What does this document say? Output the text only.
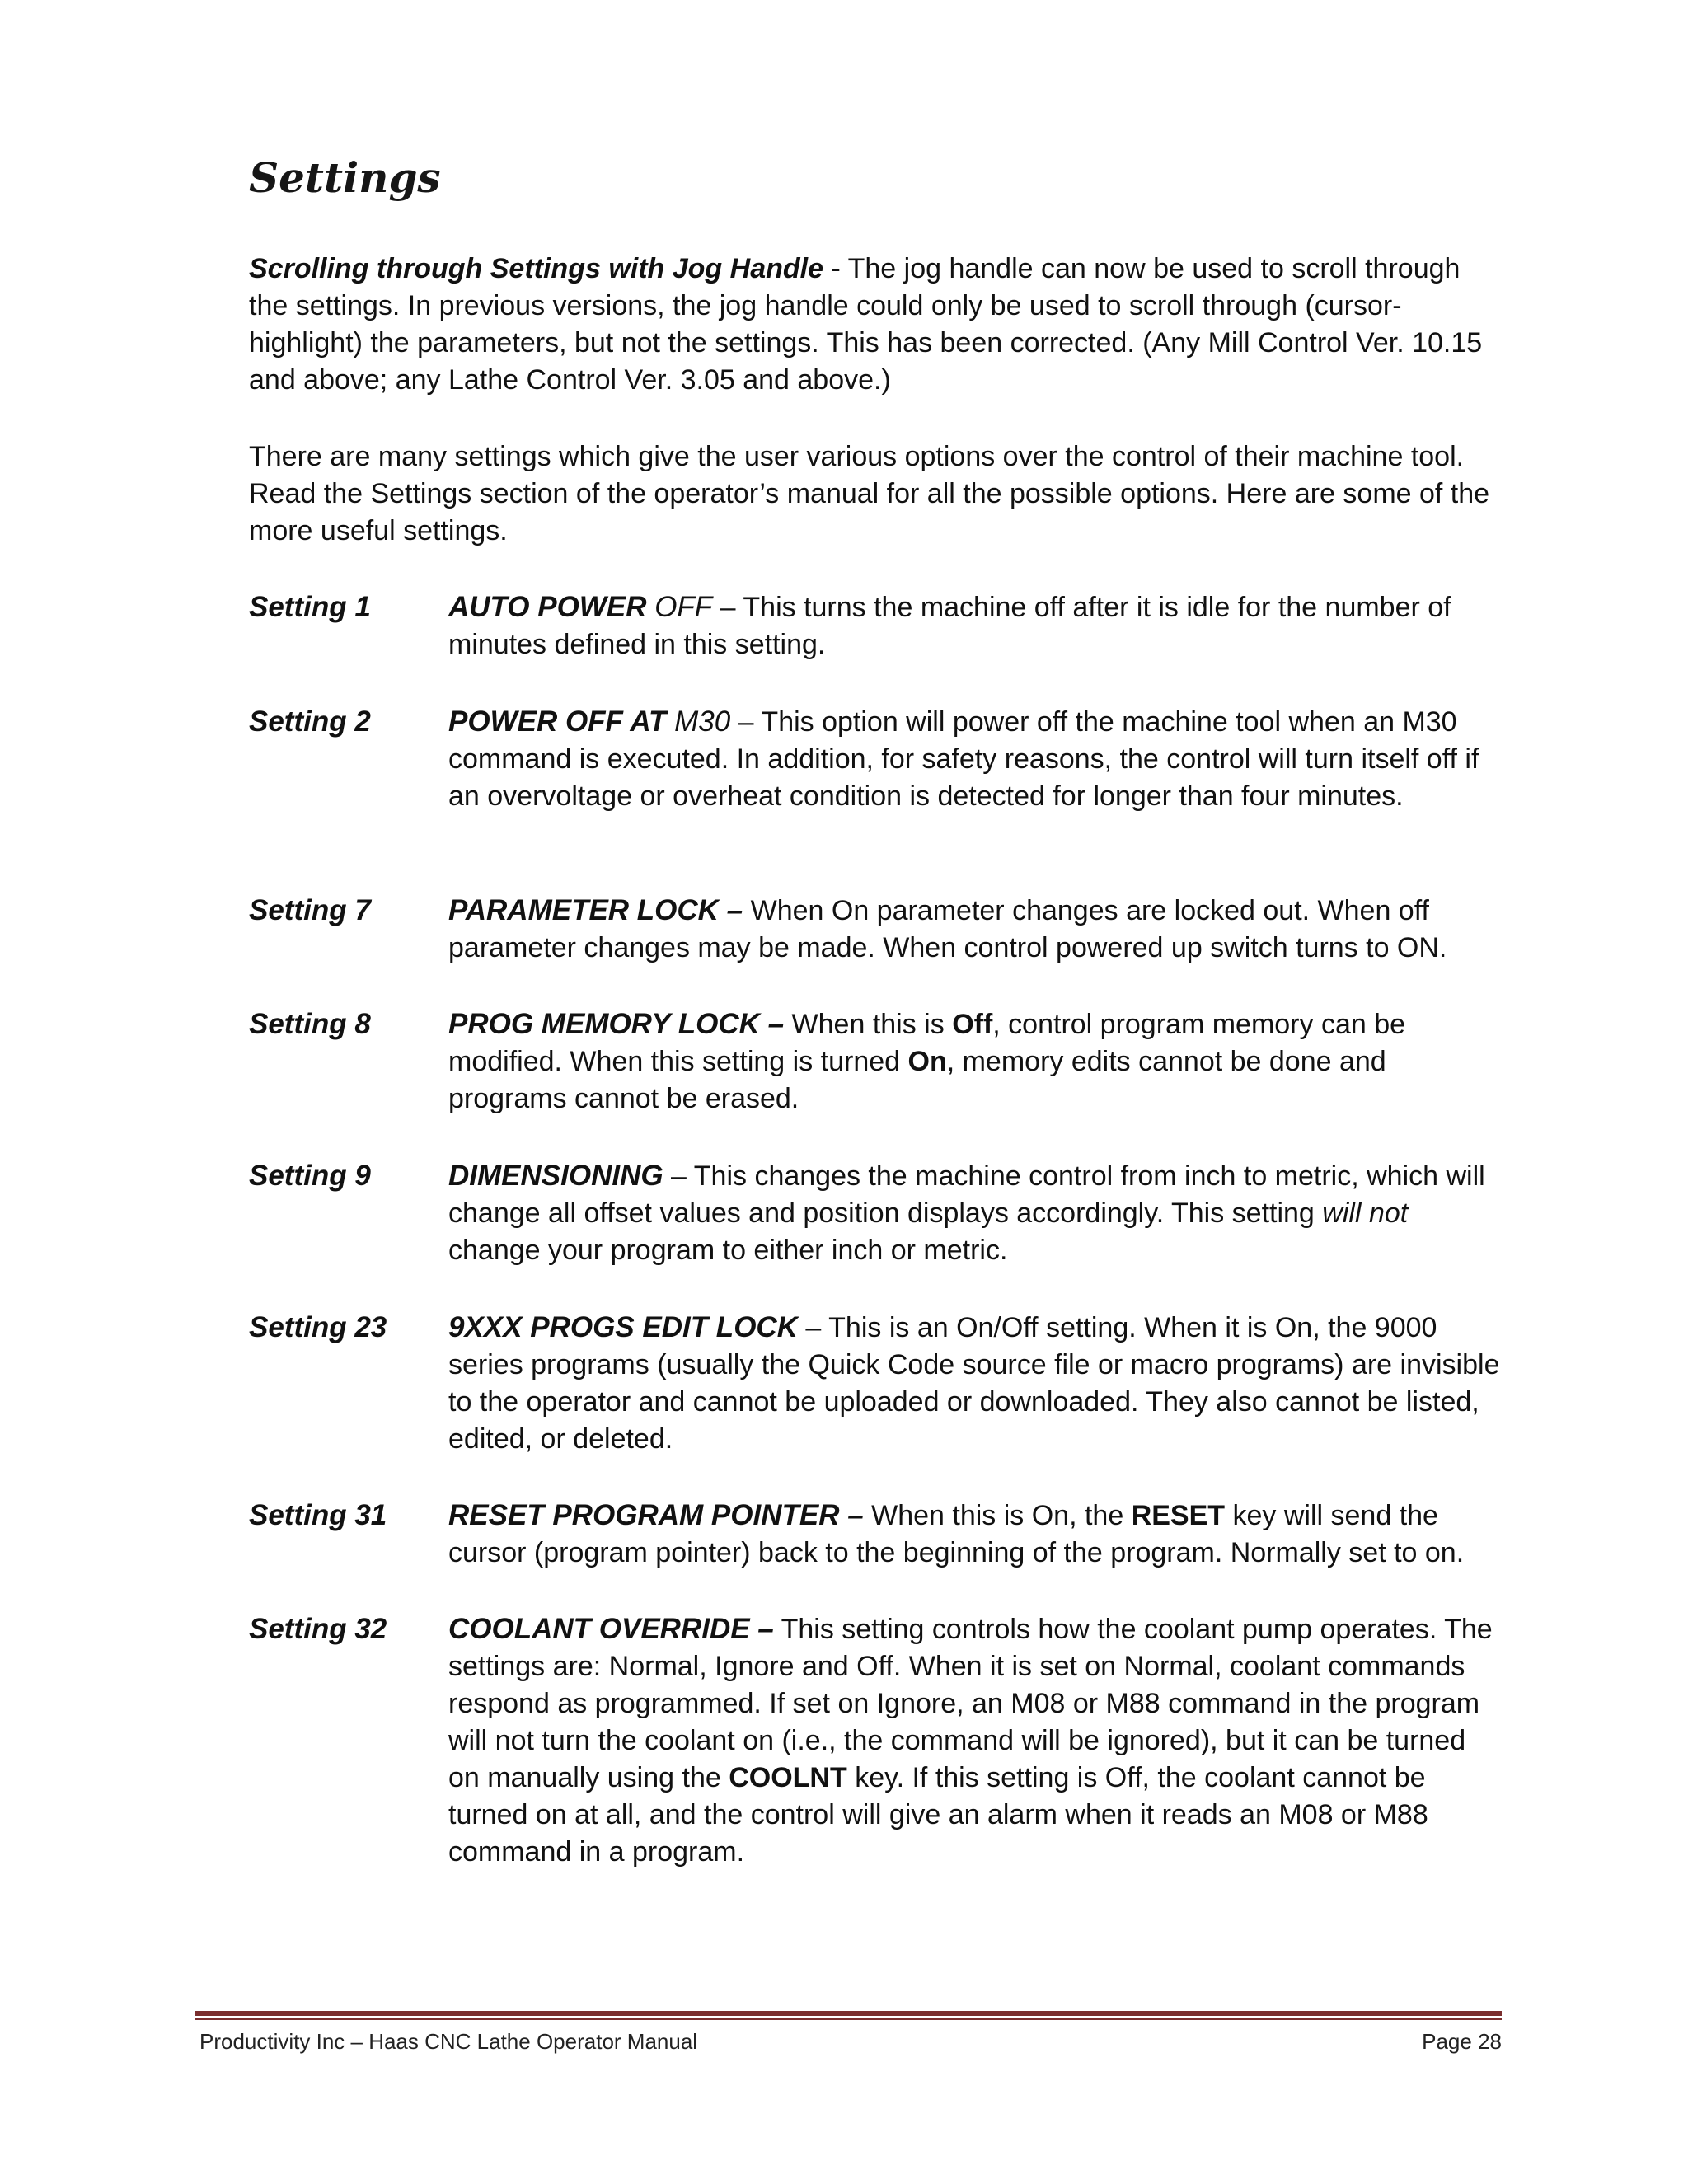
Settings

Scrolling through Settings with Jog Handle - The jog handle can now be used to scroll through the settings. In previous versions, the jog handle could only be used to scroll through (cursor-highlight) the parameters, but not the settings. This has been corrected. (Any Mill Control Ver. 10.15 and above; any Lathe Control Ver. 3.05 and above.)

There are many settings which give the user various options over the control of their machine tool. Read the Settings section of the operator’s manual for all the possible options. Here are some of the more useful settings.

Setting 1	AUTO POWER OFF – This turns the machine off after it is idle for the number of minutes defined in this setting.

Setting 2	POWER OFF AT M30 – This option will power off the machine tool when an M30 command is executed. In addition, for safety reasons, the control will turn itself off if
an overvoltage or overheat condition is detected for longer than four minutes.
Setting 7	PARAMETER LOCK – When On parameter changes are locked out. When off parameter changes may be made. When control powered up switch turns to ON.

Setting 8	PROG MEMORY LOCK – When this is Off, control program memory can be modified. When this setting is turned On, memory edits cannot be done and programs cannot be erased.

Setting 9	DIMENSIONING – This changes the machine control from inch to metric, which will change all offset values and position displays accordingly. This setting will not change your program to either inch or metric.

Setting 23 9XXX PROGS EDIT LOCK – This is an On/Off setting. When it is On, the 9000 series programs (usually the Quick Code source file or macro programs) are invisible to the operator and cannot be uploaded or downloaded. They also cannot be listed, edited, or deleted.

Setting 31 RESET PROGRAM POINTER – When this is On, the RESET key will send the cursor (program pointer) back to the beginning of the program. Normally set to on.

Setting 32 COOLANT OVERRIDE – This setting controls how the coolant pump operates. The settings are: Normal, Ignore and Off. When it is set on Normal, coolant commands respond as programmed. If set on Ignore, an M08 or M88 command in the program will not turn the coolant on (i.e., the command will be ignored), but it can be turned on manually using the COOLNT key. If this setting is Off, the coolant cannot be turned on at all, and the control will give an alarm when it reads an M08 or M88 command in a program.

Productivity Inc – Haas CNC Lathe Operator Manual	Page 28
